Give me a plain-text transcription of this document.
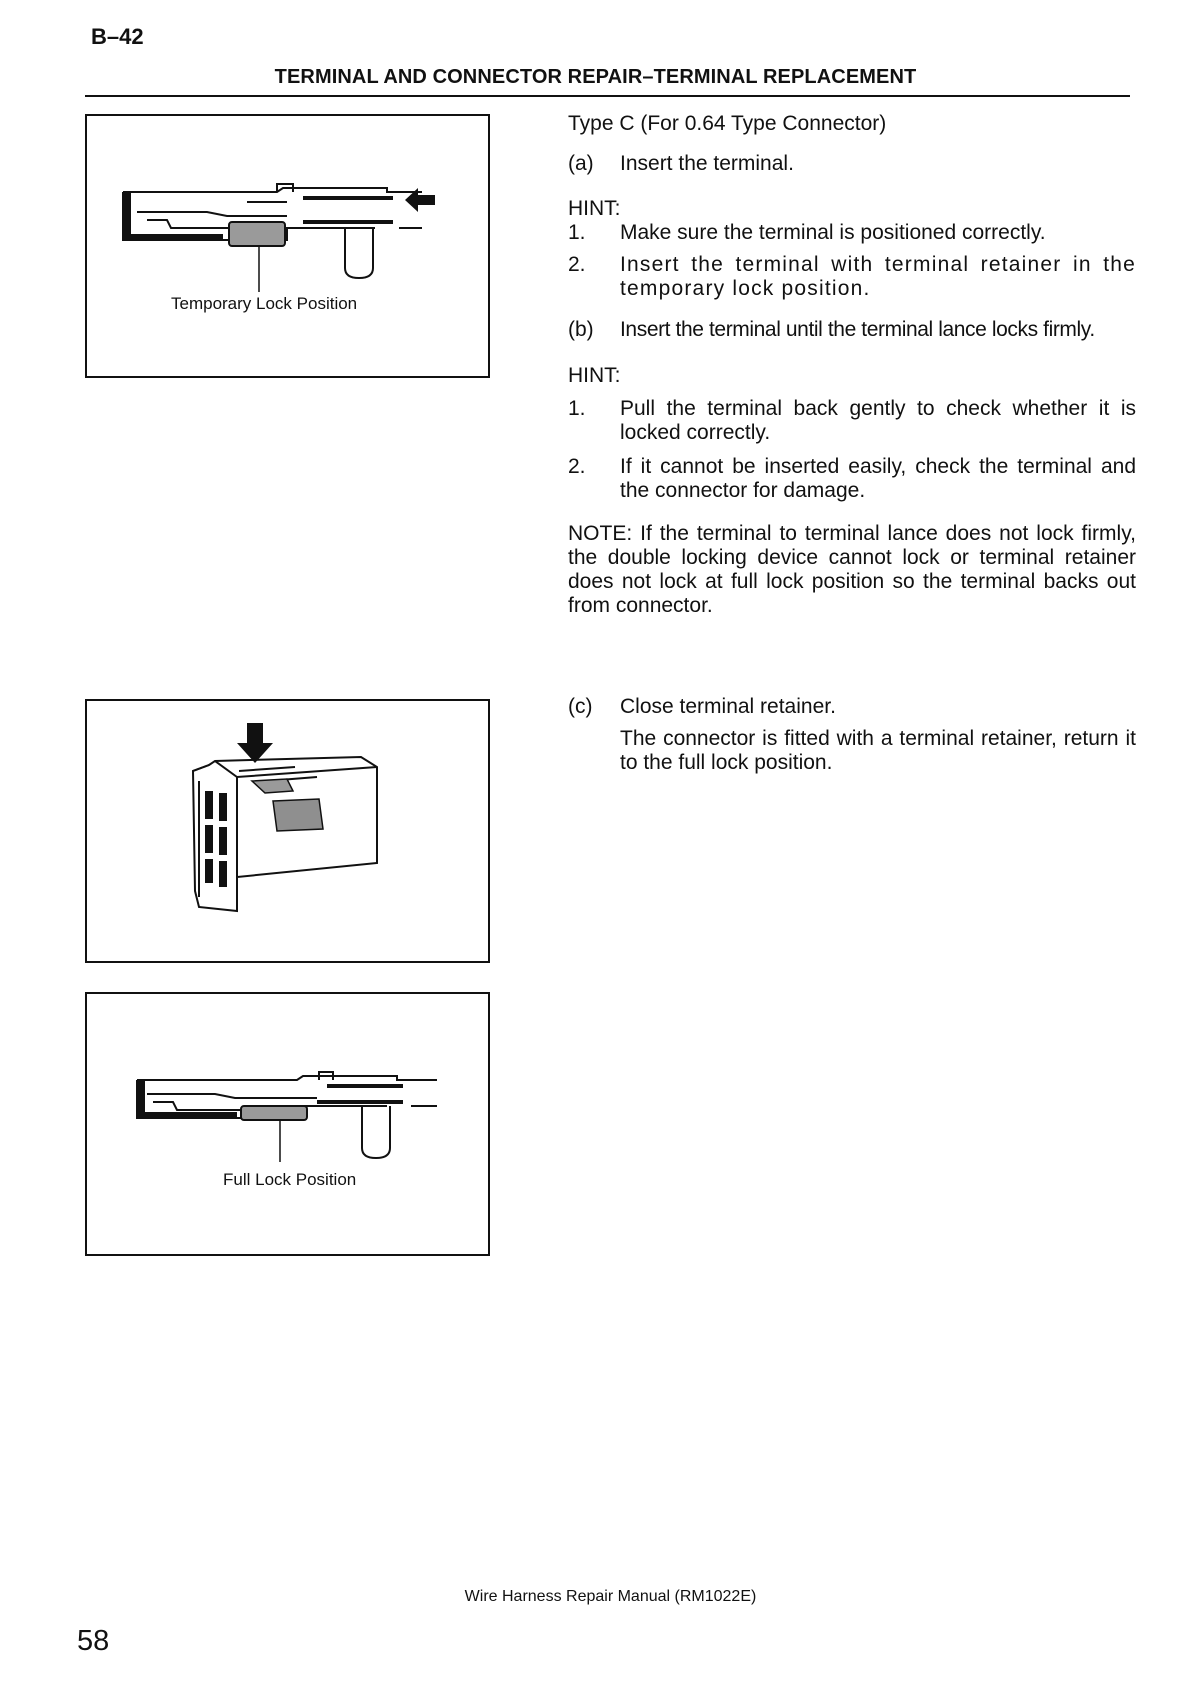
B–42
TERMINAL AND CONNECTOR REPAIR–TERMINAL REPLACEMENT
Temporary Lock Position
Full Lock Position
Type C (For 0.64 Type Connector)
(a) Insert the terminal.
HINT:
1. Make sure the terminal is positioned correctly.
2. Insert the terminal with terminal retainer in the temporary lock position.
(b) Insert the terminal until the terminal lance locks firmly.
HINT:
1. Pull the terminal back gently to check whether it is locked correctly.
2. If it cannot be inserted easily, check the terminal and the connector for damage.
NOTE: If the terminal to terminal lance does not lock firmly, the double locking device cannot lock or terminal retainer does not lock at full lock position so the terminal backs out from connector.
(c) Close terminal retainer.
The connector is fitted with a terminal retainer, return it to the full lock position.
Wire Harness Repair Manual (RM1022E)
58
